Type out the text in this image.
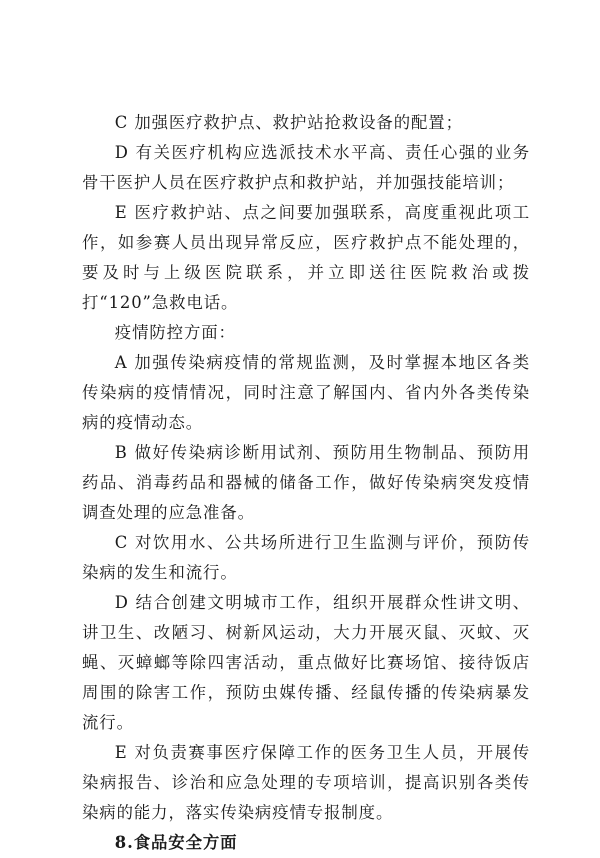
C 加强医疗救护点、救护站抢救设备的配置；

D 有关医疗机构应选派技术水平高、责任心强的业务骨干医护人员在医疗救护点和救护站，并加强技能培训；

E 医疗救护站、点之间要加强联系，高度重视此项工作，如参赛人员出现异常反应，医疗救护点不能处理的，要及时与上级医院联系，并立即送往医院救治或拨打“120”急救电话。

疫情防控方面：

A 加强传染病疫情的常规监测，及时掌握本地区各类传染病的疫情情况，同时注意了解国内、省内外各类传染病的疫情动态。

B 做好传染病诊断用试剂、预防用生物制品、预防用药品、消毒药品和器械的储备工作，做好传染病突发疫情调查处理的应急准备。

C 对饮用水、公共场所进行卫生监测与评价，预防传染病的发生和流行。

D 结合创建文明城市工作，组织开展群众性讲文明、讲卫生、改陋习、树新风运动，大力开展灭鼠、灭蚊、灭蝇、灭蟑螂等除四害活动，重点做好比赛场馆、接待饭店周围的除害工作，预防虫媒传播、经鼠传播的传染病暴发流行。

E 对负责赛事医疗保障工作的医务卫生人员，开展传染病报告、诊治和应急处理的专项培训，提高识别各类传染病的能力，落实传染病疫情专报制度。

8.食品安全方面
